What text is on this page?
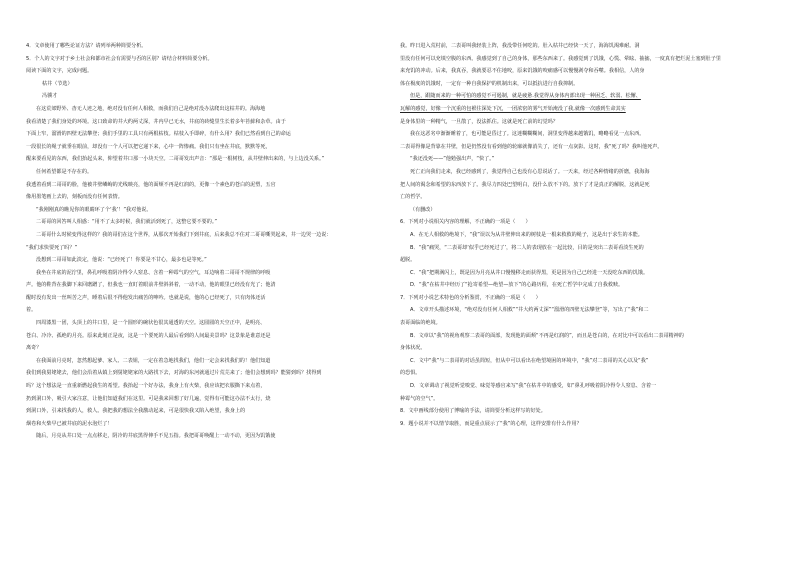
4．文章使用了哪些论证方法？请列举两种简要分析。
5．个人的文字对于乡土社会和都市社会有需要与否的区别？请结合材料简要分析。
阅读下面的文字，完成问题。
枯井（节选）
冯骥才
在这荒郊野外、杳无人迹之地，绝对没有任何人相救，而我们自己是绝对没办法爬出这枯井的。海海地
我看清楚了我们身处的环境。这口致命的井大约两丈深，井内早已无水，井底的砖缝里生长着多年苔藓和杂草。由于
下面上窄，溜滑的四壁无法攀登；我们手里的工具只有两根枯枝。枯枝入手即碎，有什么用？我们已然看到自己的命运
一段很长的绳子就垂在眼前，却没有一个人可以把它递下来，心中一阵惨痛。我们只有坐在井底，默默等死，
醒来要看见的东西，我们抬起头来，仰望着井口那一小块天空。二哥哥发出声音：“那是一根树枝，从井壁伸出来的，与上边没关系。”
任何希望都是不存在的。
我透着看到二哥哥的脸，他被井壁嶙峋的光线映亮，他的面颊不再是红润的，更像一个素色的苍白的泥塑，五官
像用墨笔画上去的，刻板而没有任何表情。
“我刚刚真的瞧见你的眼睛环了个‘我’！”我对他说。
二哥哥的回答叫人相惑：“用不了太多时候，我们就活到死了，这整它要不要的。”
二哥哥什么时候变得这样的？我的哥们在这个世界，从那次开始我们下到井底，后来我总不住对二哥哥嘶哭起来，井一边哭一边说：
“我们求快要死了吗？”
没想到二哥哥如此淡定，他说：“已经死了！你要是不甘心，最多也是等死。”
我坐在井底的泥泞里，鼻孔呼吸着阴冷得令人窒息、含着一种霉气的空气，耳边响着二哥哥不规律的呼吸
声。他的鞋背在我脚下来回磨蹭了，但我也一直盯着眼前井壁斜斜着，一动不动，他的眼里已经没有光了；他清
醒时没有发出一丝叫苦之声，睡着后很不得他发出痛苦的呻吟。也就是说，他的心已经死了，只有肉体还活
着。
四周漆黑一团，头顶上的井口里，是一个圆形的碗状色很其通透的天空。这圆圆的天空正中，是明亮、
苍白、冷冷、孤绝的月亮。原来此刻正是夜，这是一个要死的人最后看到的人间最美景吗？这景象是谁意还是
离奇？
在我面前月亮时，忽然想起爹、家人、二表姐，一定在着急地找我们，他们一定会来找我们的！他们知道
我们到我舅姥姥去，他们会沿着从镇上到舅姥姥家的大路找下去，对海的东河就通过片荒芫来了；他们会想到吗？能猜到吗？找得到
吗？这个想法是一直重新燃起我生的希望。我抬起一个好办法，我身上有火柴，我应该把衣服撕下来点着，
扔到洞口外，吸引大家注意，让他们知道我们在这里。可是我来回想了好几遍，觉得有可能这办法不太行，烧
到洞口外，引来找我的人，救人。我把我的想法全我激动起来，可是很快我又陷入绝望，我身上的
烟卷和火柴早已被井底的泥水泡烂了！
随后，月亮从井口处一点点移走，阴冷的井底黑得伸手不见五指。我把哥哥唤醒上一动不动，更因为饥饿使
我。昨日进入荒村前，二表哥叫我轻装上阵，我没带任何吃的。肚入枯井已经快一天了，海海饥渴难耐。洞
里没有任何可以充填空腹的东西。我感觉到了自己的身体，那些东西来了。我感觉到了饥饿，心慌、晕眩、抽搐，一度真有把烂泥土塞到肚子里
来充饥的冲动。后来，我真吞，我就要忍不住地咬，原来饥饿的咬痛感可以慢慢剥夺和吞噬。我相信，人的身
体在极度的饥饿时，一定有一种自我保护的机制出来，可以抵抗进行自我抑制。
但是，跟随而来的一种可怕的感觉不可遏制，就是疲惫.我觉得从身体内部出现一种困乏、软弱、松懈、
瓦解的感觉，好像一个沉重的包袱往深处下沉，一团浓密的雾气开始淹没了我,就像一次感到生命其实
是身体里的一种精气，一旦散了，没法抓住。这就是死亡前的幻觉吗？
我在这恶劣中渐渐睡着了，也可能是昏过了。这迷糊糊糊间，洞里变得越来越饿饥，略略看见一点东西。
二表哥得像是背靠在井壁，但是仍然没有看到他的轮廓就像消失了，还有一点灰影。这时，我“死了吗？我叫他死声。
“我还没死——”他勉强出声，“快了。”
死亡正向我们走来，我已经感到了，我觉得自己也没有心思说话了。一天来，经过各种情绪的折磨，我海海
把人间的渴念和希望的东西放下了。我尽力四处巴望明白，没什么放不下的。放下了才是真正的解脱，这就是死
亡的哲学。
（有删改）
6．下列对小说相关内容的理解，不正确的一项是（　　）
A．在无人相救的绝境下，“我”误以为从井壁伸出来的树枝是一根来救救的绳子，这是出于求生的本能。
B．“我”痛哭，“二表哥却‘似乎已经死过了’，将二人的表现放在一起比较，目的是突出二表哥看淡生死的
超脱。
C．“我”把期满闪上，既是因为月亮从井口慢慢移走而获得黑，更是因为自己已经进一天没吃东西的饥饿。
D．“我”在枯井中经历了“抢寄希望—绝望—放下”的心路历程，在死亡哲学中完成了自我救赎。
7．下列对小说艺术特色的分析鉴赏，不正确的一项是（　　）
A．文章开头描述环境，“绝对没有任何人相救”“井大约两丈深”“溜滑的四壁无法攀登”等，写出了“我”和二
表哥面临的绝境。
B．文章以“我”的视角观察二表哥的面部，发现他的面颊“不再是红润的”，而且是苍白的，在对比中可以看出二表哥精神的
身体状况。
C．文中“我”与二表哥的对话虽简短，但从中可以看出在绝望境困的环境中，“我”对二表哥的关心以及“我”
的恐惧。
D．文章调动了视觉听觉嗅觉、味觉等感官来写“我”在枯井中的感受，如“鼻孔呼吸着阴冷得令人窒息、含着一
种霉气的空气”。
8．文中画线部分使用了博喻的手法，请简要分析这样写的好处。
9．题小说并不以情节取胜，而是重点展示了“我”的心理，这样安排有什么作用？
